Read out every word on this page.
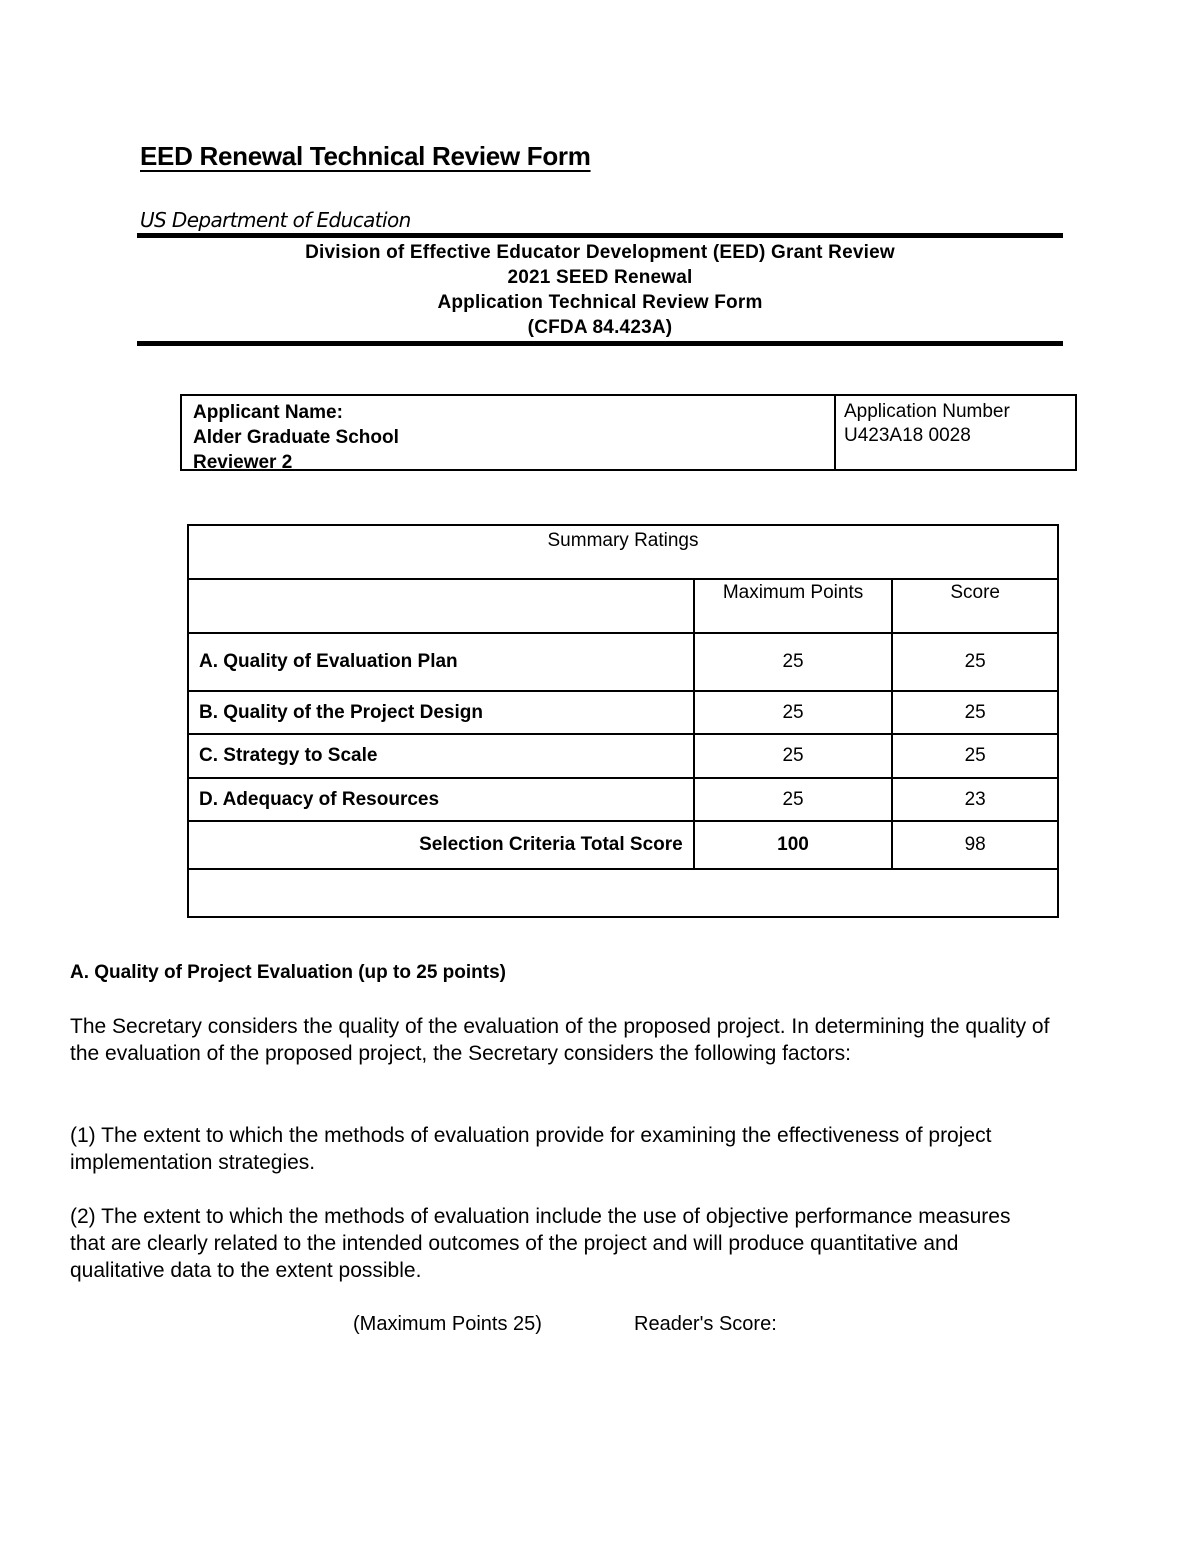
EED Renewal Technical Review Form
US Department of Education
Division of Effective Educator Development (EED) Grant Review
2021 SEED Renewal
Application Technical Review Form
(CFDA 84.423A)
Applicant Name:
Alder Graduate School
Reviewer 2
Application Number
U423A18 0028
Summary Ratings		
	Maximum Points	Score
A. Quality of Evaluation Plan	25	25
B. Quality of the Project Design	25	25
C. Strategy to Scale	25	25
D. Adequacy of Resources	25	23
Selection Criteria Total Score	100	98

A. Quality of Project Evaluation (up to 25 points)
The Secretary considers the quality of the evaluation of the proposed project. In determining the quality of the evaluation of the proposed project, the Secretary considers the following factors:
(1) The extent to which the methods of evaluation provide for examining the effectiveness of project implementation strategies.
(2) The extent to which the methods of evaluation include the use of objective performance measures that are clearly related to the intended outcomes of the project and will produce quantitative and qualitative data to the extent possible.
(Maximum Points 25)	Reader's Score:
